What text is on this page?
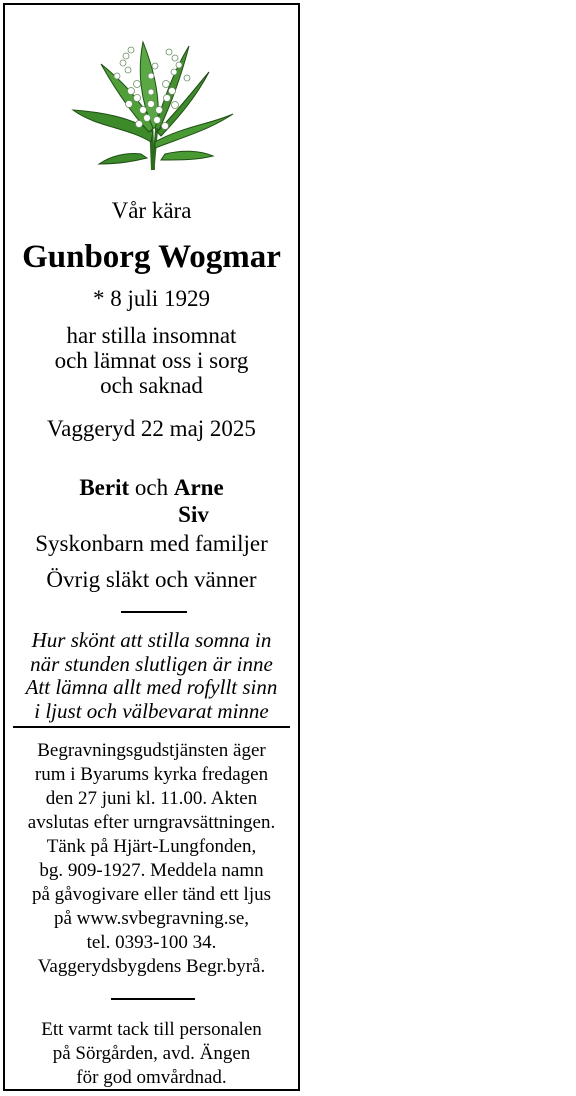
Vår kära
Gunborg Wogmar
* 8 juli 1929
har stilla insomnat
och lämnat oss i sorg
och saknad
Vaggeryd 22 maj 2025
Berit och Arne
Siv
Syskonbarn med familjer
Övrig släkt och vänner
Hur skönt att stilla somna in
när stunden slutligen är inne
Att lämna allt med rofyllt sinn
i ljust och välbevarat minne
Begravningsgudstjänsten äger
rum i Byarums kyrka fredagen
den 27 juni kl. 11.00. Akten
avslutas efter urngravsättningen.
Tänk på Hjärt-Lungfonden,
bg. 909-1927. Meddela namn
på gåvogivare eller tänd ett ljus
på www.svbegravning.se,
tel. 0393-100 34.
Vaggerydsbygdens Begr.byrå.
Ett varmt tack till personalen
på Sörgården, avd. Ängen
för god omvårdnad.
